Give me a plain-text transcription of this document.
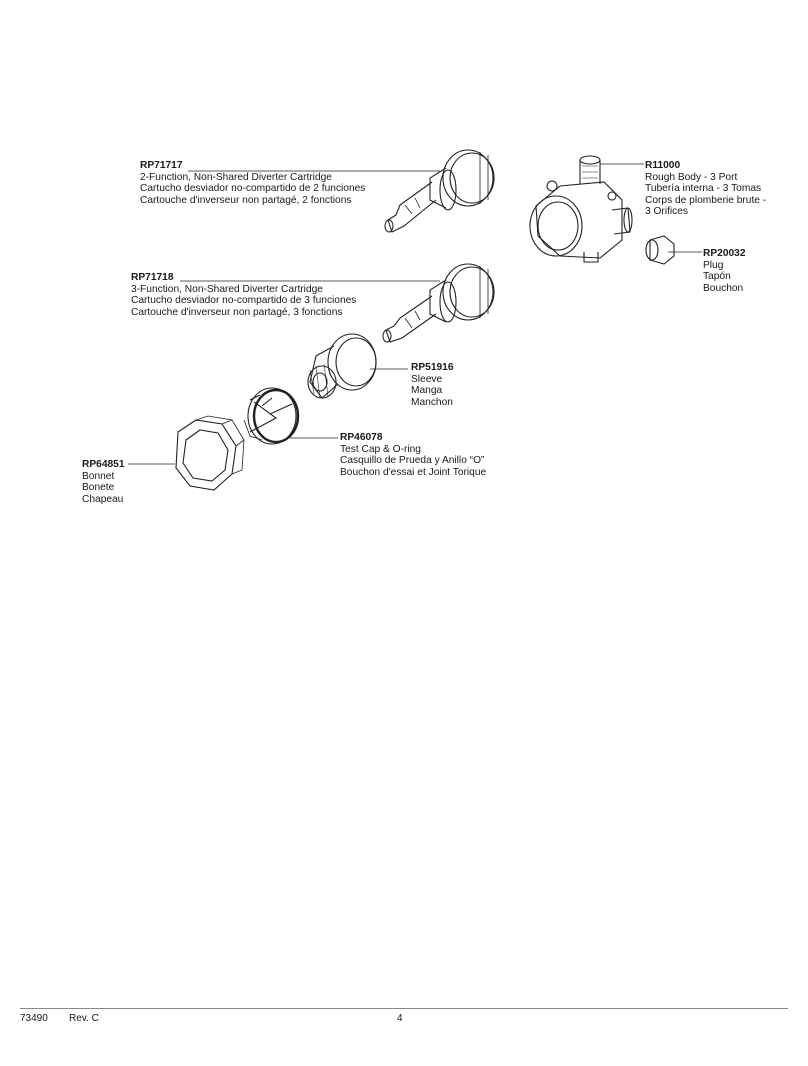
RP71717
2-Function, Non-Shared Diverter Cartridge
Cartucho desviador no-compartido de 2 funciones
Cartouche d'inverseur non partagé, 2 fonctions
RP71718
3-Function, Non-Shared Diverter Cartridge
Cartucho desviador no-compartido de 3 funciones
Cartouche d'inverseur non partagé, 3 fonctions
R11000
Rough Body - 3 Port
Tubería interna - 3 Tomas
Corps de plomberie brute -
3 Orifices
RP20032
Plug
Tapón
Bouchon
RP51916
Sleeve
Manga
Manchon
RP46078
Test Cap & O-ring
Casquillo de Prueda y Anillo “O”
Bouchon d'essai et Joint Torique
RP64851
Bonnet
Bonete
Chapeau
73490 Rev. C	4
